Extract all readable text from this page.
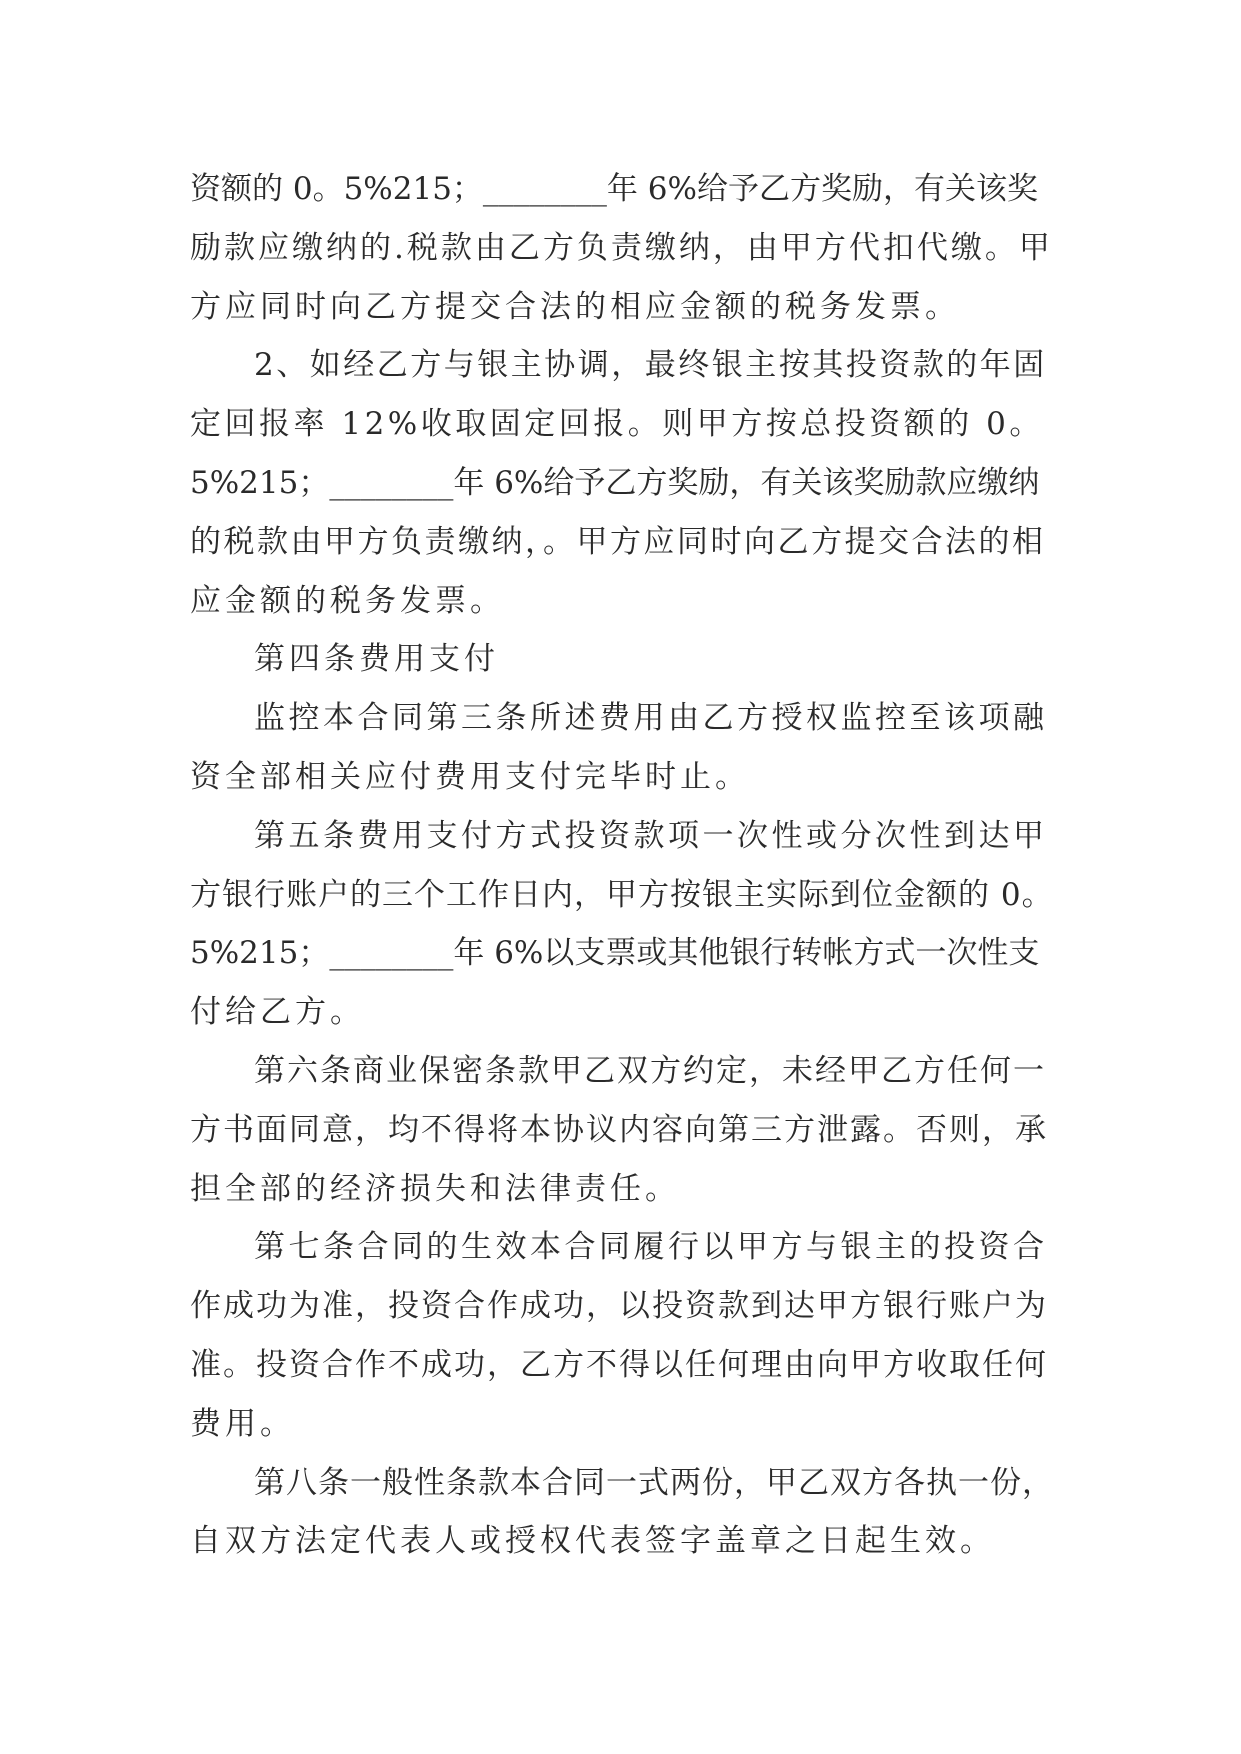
资额的 0。5%215；________年 6%给予乙方奖励，有关该奖
励款应缴纳的.税款由乙方负责缴纳，由甲方代扣代缴。甲
方应同时向乙方提交合法的相应金额的税务发票。
2、如经乙方与银主协调，最终银主按其投资款的年固
定回报率 12%收取固定回报。则甲方按总投资额的 0。
5%215；________年 6%给予乙方奖励，有关该奖励款应缴纳
的税款由甲方负责缴纳，。甲方应同时向乙方提交合法的相
应金额的税务发票。
第四条费用支付
监控本合同第三条所述费用由乙方授权监控至该项融
资全部相关应付费用支付完毕时止。
第五条费用支付方式投资款项一次性或分次性到达甲
方银行账户的三个工作日内，甲方按银主实际到位金额的 0。
5%215；________年 6%以支票或其他银行转帐方式一次性支
付给乙方。
第六条商业保密条款甲乙双方约定，未经甲乙方任何一
方书面同意，均不得将本协议内容向第三方泄露。否则，承
担全部的经济损失和法律责任。
第七条合同的生效本合同履行以甲方与银主的投资合
作成功为准，投资合作成功，以投资款到达甲方银行账户为
准。投资合作不成功，乙方不得以任何理由向甲方收取任何
费用。
第八条一般性条款本合同一式两份，甲乙双方各执一份，
自双方法定代表人或授权代表签字盖章之日起生效。
